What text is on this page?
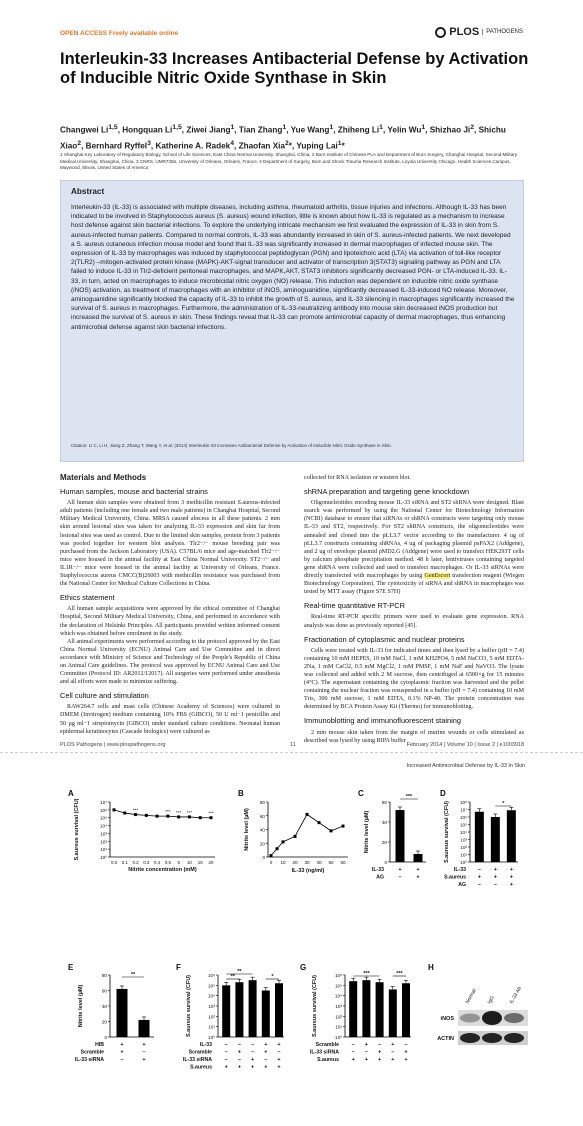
OPEN ACCESS Freely available online	PLOS	PATHOGENS
Interleukin-33 Increases Antibacterial Defense by Activation of Inducible Nitric Oxide Synthase in Skin
Changwei Li$^{1,5}$, Hongquan Li$^{1,5}$, Ziwei Jiang$^1$, Tian Zhang$^1$, Yue Wang$^1$, Zhiheng Li$^1$, Yelin Wu$^1$, Shizhao Ji$^2$, Shichu Xiao$^2$, Bernhard Ryffel$^3$, Katherine A. Radek$^4$, Zhaofan Xia$^2$*, Yuping Lai$^1$*
1 Shanghai Key Laboratory of Regulatory Biology, School of Life Sciences, East China Normal University, Shanghai, China, 2 Burn Institute of Chinese PLA and Department of Burn Surgery, Changhai Hospital, Second Military Medical University, Shanghai, China, 3 CNRS, UMR7355, University of Orleans, Orleans, France, 4 Department of Surgery, Burn and Shock Trauma Research Institute, Loyola University Chicago, Health Sciences Campus, Maywood, Illinois, United States of America
Abstract
Interleukin-33 (IL-33) is associated with multiple diseases, including asthma, rheumatoid arthritis, tissue injuries and infections. Although IL-33 has been indicated to be involved in Staphylococcus aureus (S. aureus) wound infection, little is known about how IL-33 is regulated as a mechanism to increase host defense against skin bacterial infections. To explore the underlying intricate mechanism we first evaluated the expression of IL-33 in skin from S. aureus-infected human patients. Compared to normal controls, IL-33 was abundantly increased in skin of S. aureus-infected patients. We next developed a S. aureus cutaneous infection mouse model and found that IL-33 was significantly increased in dermal macrophages of infected mouse skin. The expression of IL-33 by macrophages was induced by staphylococcal peptidoglycan (PGN) and lipoteichoic acid (LTA) via activation of toll-like receptor 2(TLR2) –mitogen-activated protein kinase (MAPK)-AKT-signal transducer and activator of transcription 3(STAT3) signaling pathway as PGN and LTA failed to induce IL-33 in Tlr2-deficient peritoneal macrophages, and MAPK,AKT, STAT3 inhibitors significantly decreased PGN- or LTA-induced IL-33. IL-33, in turn, acted on macrophages to induce microbicidal nitric oxygen (NO) release. This induction was dependent on inducible nitric oxide synthase (iNOS) activation, as treatment of macrophages with an inhibitor of iNOS, aminoguanidine, significantly decreased IL-33-induced NO release. Moreover, aminoguanidine significantly blocked the capacity of IL-33 to inhibit the growth of S. aureus, and IL-33 silencing in macrophages significantly increased the survival of S. aureus in macrophages. Furthermore, the administration of IL-33-neutralizing antibody into mouse skin decreased iNOS production but increased the survival of S. aureus in skin. These findings reveal that IL-33 can promote antimicrobial capacity of dermal macrophages, thus enhancing antimicrobial defense against skin bacterial infections.
Citation: Li C, Li H, Jiang Z, Zhang T, Wang Y, et al. (2014) Interleukin-33 Increases Antibacterial Defense by Activation of Inducible Nitric Oxide Synthase in Skin.
Materials and Methods
Human samples, mouse and bacterial strains

All human skin samples were obtained from 3 methicillin resistant S.aureus-infected adult patients (including one female and two male patients) in Changhai Hospital, Second Military Medical University, China. MRSA caused abscess in all these patients. 2 mm skin around lesional sites was taken for analyzing IL-33 expression and skin far from lesional sites was used as control. Due to the limited skin samples, protein from 3 patients was pooled together for western blot analysis. Tlr2−/− mouse breeding pair was purchased from the Jackson Laboratory (USA). C57BL/6 mice and age-matched Tlr2−/− mice were housed in the animal facility at East China Normal University. ST2−/− and IL1R−/− mice were housed in the animal facility at University of Orleans, France. Staphylococcus aureus CMCC(B)26003 with methicillin resistance was purchased from the National Center for Medical Culture Collections in China.

Ethics statement

All human sample acquisitions were approved by the ethical committee of Changhai Hospital, Second Military Medical University, China, and performed in accordance with the declaration of Helsinki Principles. All participants provided written informed consent which was obtained before enrolment in the study.

All animal experiments were performed according to the protocol approved by the East China Normal University (ECNU) Animal Care and Use Committee and in direct accordance with Ministry of Science and Technology of the People's Republic of China on Animal Care guidelines. The protocol was approved by ECNU Animal Care and Use Committee (Protocol ID: AR2012/12017). All surgeries were performed under anesthesia and all efforts were made to minimize suffering.

Cell culture and stimulation

RAW264.7 cells and mast cells (Chinese Academy of Sciences) were cultured in DMEM (Invitrogen) medium containing 10% FBS (GIBCO), 50 U ml−1 penicillin and 50 µg ml−1 streptomycin (GIBCO) under standard culture conditions. Neonatal human epidermal keratinocytes (Cascade biologics) were cultured as

collected for RNA isolation or western blot.

shRNA preparation and targeting gene knockdown

Oligonucleotides encoding mouse IL-33 siRNA and ST2 shRNA were designed. Blast search was performed by using the National Center for Biotechnology Information (NCBI) database to ensure that siRNAs or shRNA constructs were targeting only mouse IL-33 and ST2, respectively. For ST2 shRNA constructs, the oligonucleotides were annealed and cloned into the pLL3.7 vector according to the manufacturer. 4 ug of pLL3.7 constructs containing shRNAs, 4 ug of packaging plasmid psPAX2 (Addgene), and 2 ug of envelope plasmid pMD2.G (Addgene) were used to transfect HEK293T cells by calcium phosphate precipitation method. 48 h later, lentiviruses containing targeted gene shRNA were collected and used to transfect macrophages. Or IL-33 siRNAs were directly transfected with macrophages by using GenEscort transfection reagent (Wiegen Biotechnology Corporation). The cytotoxicity of siRNA and shRNA in macrophages was tested by MTT assay (Figure S7E S7H)

Real-time quantitative RT-PCR

Real-time RT-PCR specific primers were used to evaluate gene expression. RNA analysis was done as previously reported [45].

Fractionation of cytoplasmic and nuclear proteins

Cells were treated with IL-33 for indicated times and then lysed by a buffer (pH = 7.4) containing 10 mM HEPES, 10 mM NaCl, 1 mM KH2PO4, 5 mM NaCO3, 5 mM EDTA-2Na, 1 mM CaCl2, 0.5 mM MgCl2, 1 mM PMSF, 1 mM NaF and NaVO3. The lysate was collected and added with 2 M sucrose, then centrifuged at 6500×g for 15 minutes (4°C). The supernatant containing the cytoplasmic fraction was harvested and the pellet containing the nuclear fraction was resuspended in a buffer (pH = 7.4) containing 10 mM Tris, 300 mM sucrose, 1 mM EDTA, 0.1% NP-40. The protein concentration was determined by BCA Protein Assay Kit (Thermo) for immunoblotting.

Immunoblotting and immunofluorescent staining

2 mm mouse skin taken from the margin of murine wounds or cells stimulated as described was lysed by using RIPA buffer

PLOS Pathogens | www.plospathogens.org	11	February 2014 | Volume 10 | Issue 2 | e1003918
Increased Antimicrobial Defense by IL-33 in Skin
A
S.aureus survival (CFU)	10⁷
10⁶
10⁵
10⁴
10³
10²
10¹
10⁰
0.0 0.1 0.2 0.3 0.4 0.5 5 10 15 20
Nitrite concentration (mM)
***	*** *** ***	***
B
Nitrite level (µM)
80
60
40
20
0
0 10 20 30 40 50 60
IL-33 (ng/ml)
C
Nitrite level (µM)
60
40
20
0
***
IL-33	+	+
AG	–	+
D
S.aureus survival (CFU) 10⁸
10⁷
10⁶
10⁵
10⁴
10³
10²
10¹
10⁰
*
IL-33 – + +
S.aureus + + +
AG – – +
E
Nitrite level (µM)
80
60
40
20
0
**
HIB	+	+
Scramble	+	–
IL-33 siRNA	–	+
F
S.aureus survival (CFU)	10⁶
10⁵
10⁴
10³
10²
10¹
10⁰
**
**
*
IL-33 – – – + +
Scramble – + – + –
IL-33 siRNA – – + – +
S.aureus + + + + +
G
S.aureus survival (CFU)	10⁶
10⁵
10⁴
10³
10²
10¹
10⁰
***	***
Scramble – + – + –
IL-33 siRNA – – + – +
S.aureus + + + + +
H
Normal IgG	IL-33 Ab
iNOS
ACTIN
